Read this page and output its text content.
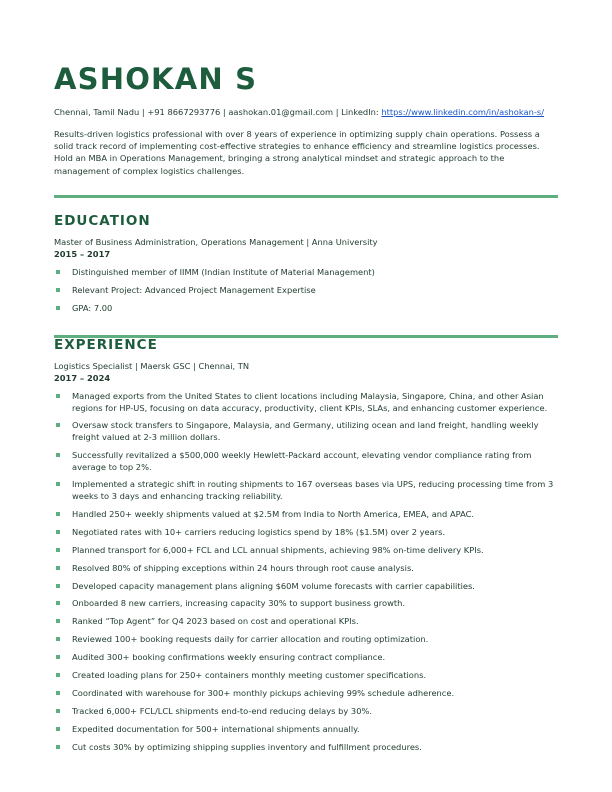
ASHOKAN S
Chennai, Tamil Nadu | +91 8667293776 | aashokan.01@gmail.com | LinkedIn: https://www.linkedin.com/in/ashokan-s/

Results-driven logistics professional with over 8 years of experience in optimizing supply chain operations. Possess a solid track record of implementing cost-effective strategies to enhance efficiency and streamline logistics processes. Hold an MBA in Operations Management, bringing a strong analytical mindset and strategic approach to the management of complex logistics challenges.

EDUCATION
Master of Business Administration, Operations Management | Anna University
2015 – 2017
Distinguished member of IIMM (Indian Institute of Material Management)
Relevant Project: Advanced Project Management Expertise
GPA: 7.00
EXPERIENCE
Logistics Specialist | Maersk GSC | Chennai, TN
2017 – 2024
Managed exports from the United States to client locations including Malaysia, Singapore, China, and other Asian regions for HP-US, focusing on data accuracy, productivity, client KPIs, SLAs, and enhancing customer experience.
Oversaw stock transfers to Singapore, Malaysia, and Germany, utilizing ocean and land freight, handling weekly freight valued at 2-3 million dollars.
Successfully revitalized a $500,000 weekly Hewlett-Packard account, elevating vendor compliance rating from average to top 2%.
Implemented a strategic shift in routing shipments to 167 overseas bases via UPS, reducing processing time from 3 weeks to 3 days and enhancing tracking reliability.
Handled 250+ weekly shipments valued at $2.5M from India to North America, EMEA, and APAC.
Negotiated rates with 10+ carriers reducing logistics spend by 18% ($1.5M) over 2 years.
Planned transport for 6,000+ FCL and LCL annual shipments, achieving 98% on-time delivery KPIs.
Resolved 80% of shipping exceptions within 24 hours through root cause analysis.
Developed capacity management plans aligning $60M volume forecasts with carrier capabilities.
Onboarded 8 new carriers, increasing capacity 30% to support business growth.
Ranked “Top Agent” for Q4 2023 based on cost and operational KPIs.
Reviewed 100+ booking requests daily for carrier allocation and routing optimization.
Audited 300+ booking confirmations weekly ensuring contract compliance.
Created loading plans for 250+ containers monthly meeting customer specifications.
Coordinated with warehouse for 300+ monthly pickups achieving 99% schedule adherence.
Tracked 6,000+ FCL/LCL shipments end-to-end reducing delays by 30%.
Expedited documentation for 500+ international shipments annually.
Cut costs 30% by optimizing shipping supplies inventory and fulfillment procedures.
